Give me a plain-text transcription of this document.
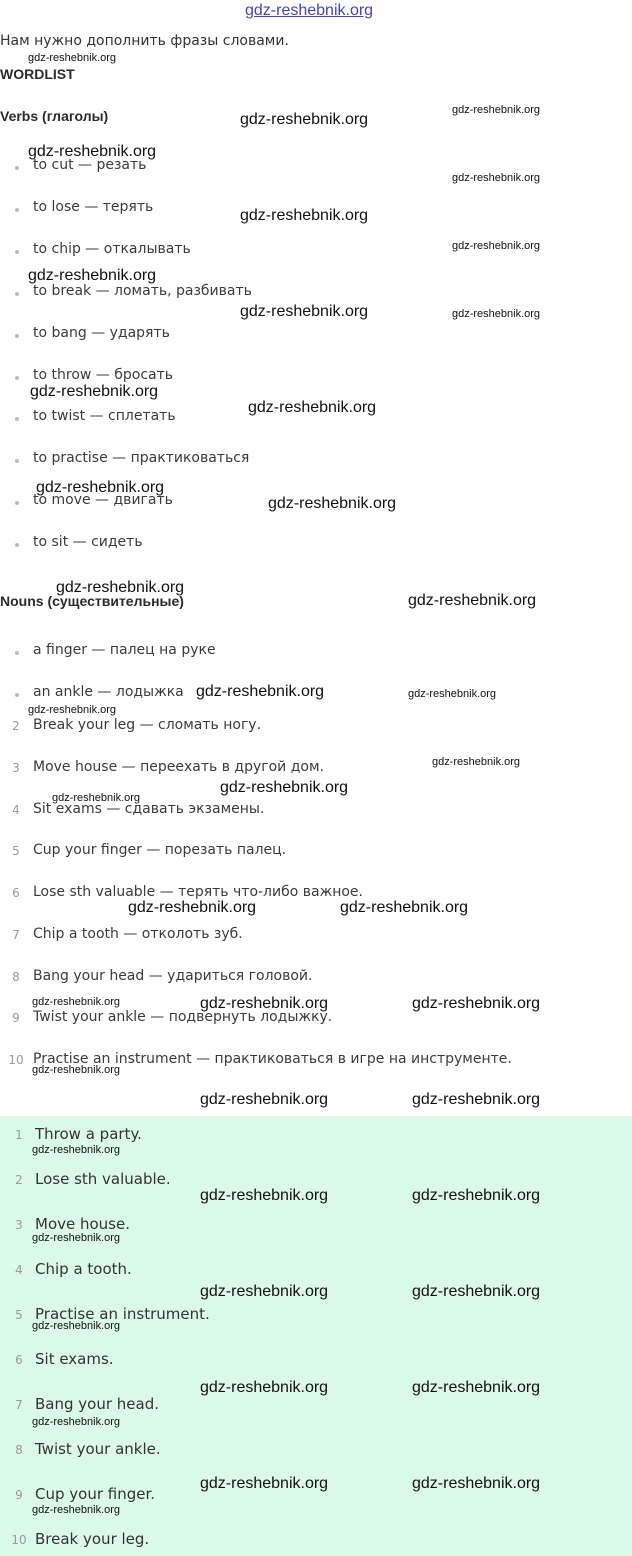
gdz-reshebnik.org
Нам нужно дополнить фразы словами.
WORDLIST
Verbs (глаголы)
to cut — резать
to lose — терять
to chip — откалывать
to break — ломать, разбивать
to bang — ударять
to throw — бросать
to twist — сплетать
to practise — практиковаться
to move — двигать
to sit — сидеть
Nouns (существительные)
a finger — палец на руке
an ankle — лодыжка
2 Break your leg — сломать ногу.
3 Move house — переехать в другой дом.
4 Sit exams — сдавать экзамены.
5 Cup your finger — порезать палец.
6 Lose sth valuable — терять что-либо важное.
7 Chip a tooth — отколоть зуб.
8 Bang your head — удариться головой.
9 Twist your ankle — подвернуть лодыжку.
10 Practise an instrument — практиковаться в игре на инструменте.
1 Throw a party.
2 Lose sth valuable.
3 Move house.
4 Chip a tooth.
5 Practise an instrument.
6 Sit exams.
7 Bang your head.
8 Twist your ankle.
9 Cup your finger.
10 Break your leg.
gdz-reshebnik.org
gdz-reshebnik.org
gdz-reshebnik.org
gdz-reshebnik.org
gdz-reshebnik.org
gdz-reshebnik.org
gdz-reshebnik.org
gdz-reshebnik.org
gdz-reshebnik.org	gdz-reshebnik.org
gdz-reshebnik.org
gdz-reshebnik.org
gdz-reshebnik.org
gdz-reshebnik.org
gdz-reshebnik.org
gdz-reshebnik.org
gdz-reshebnik.org	gdz-reshebnik.org
gdz-reshebnik.org
gdz-reshebnik.org
gdz-reshebnik.org
gdz-reshebnik.org
gdz-reshebnik.org	gdz-reshebnik.org
gdz-reshebnik.org	gdz-reshebnik.org	gdz-reshebnik.org
gdz-reshebnik.org
gdz-reshebnik.org	gdz-reshebnik.org
gdz-reshebnik.org
gdz-reshebnik.org	gdz-reshebnik.org
gdz-reshebnik.org
gdz-reshebnik.org	gdz-reshebnik.org
gdz-reshebnik.org
gdz-reshebnik.org	gdz-reshebnik.org
gdz-reshebnik.org
gdz-reshebnik.org	gdz-reshebnik.org
gdz-reshebnik.org
